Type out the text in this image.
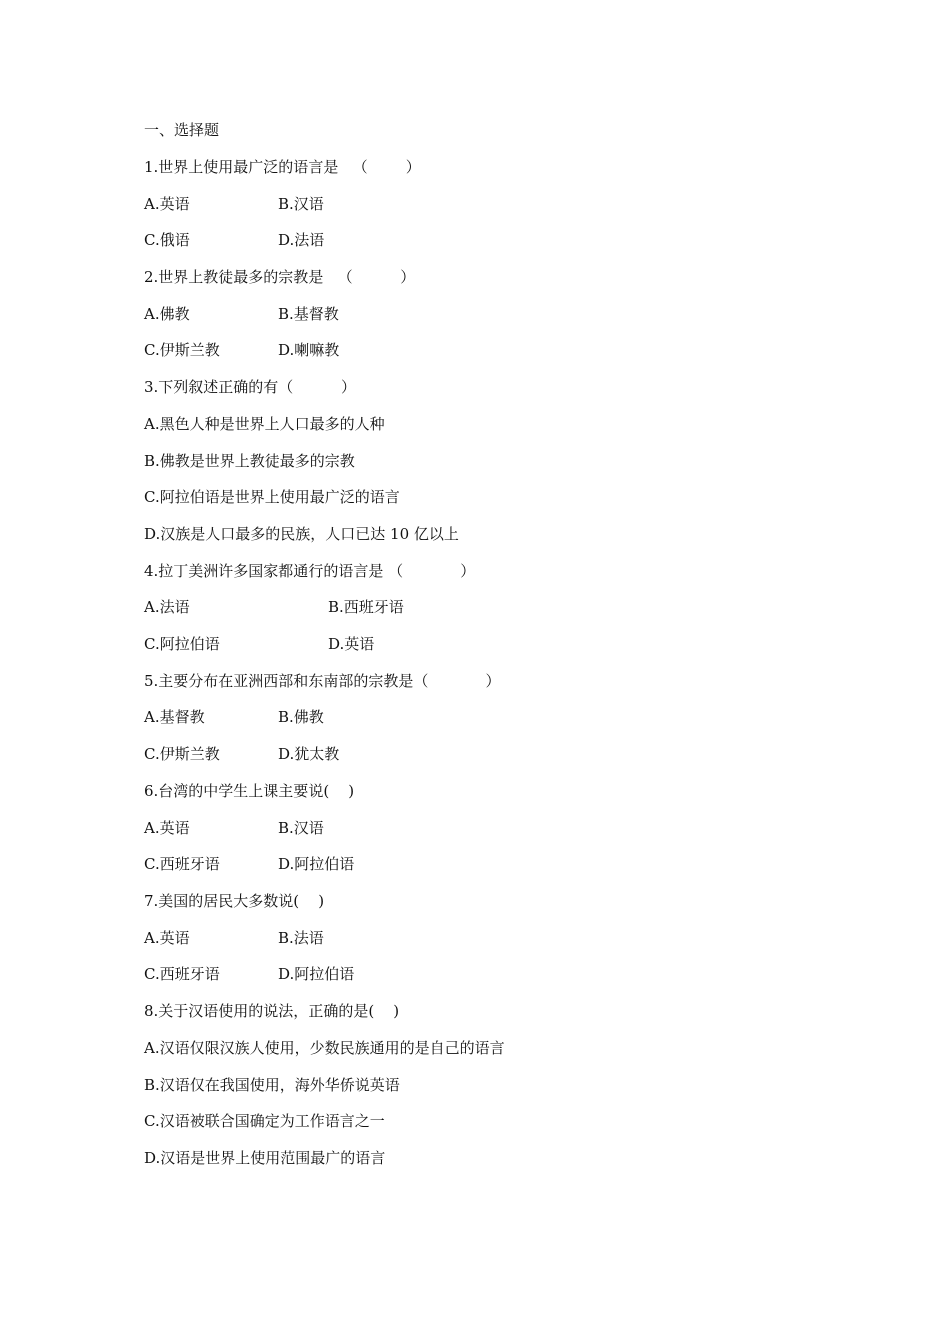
一、选择题
1.世界上使用最广泛的语言是   （        ）
A.英语	B.汉语
C.俄语	D.法语
2.世界上教徒最多的宗教是   （          ）
A.佛教	B.基督教
C.伊斯兰教	D.喇嘛教
3.下列叙述正确的有（          ）
A.黑色人种是世界上人口最多的人种
B.佛教是世界上教徒最多的宗教
C.阿拉伯语是世界上使用最广泛的语言
D.汉族是人口最多的民族，人口已达 10 亿以上
4.拉丁美洲许多国家都通行的语言是 （            ）
A.法语	B.西班牙语
C.阿拉伯语	D.英语
5.主要分布在亚洲西部和东南部的宗教是（            ）
A.基督教	B.佛教
C.伊斯兰教	D.犹太教
6.台湾的中学生上课主要说(    )
A.英语	B.汉语
C.西班牙语	D.阿拉伯语
7.美国的居民大多数说(    )
A.英语	B.法语
C.西班牙语	D.阿拉伯语
8.关于汉语使用的说法，正确的是(    )
A.汉语仅限汉族人使用，少数民族通用的是自己的语言
B.汉语仅在我国使用，海外华侨说英语
C.汉语被联合国确定为工作语言之一
D.汉语是世界上使用范围最广的语言
